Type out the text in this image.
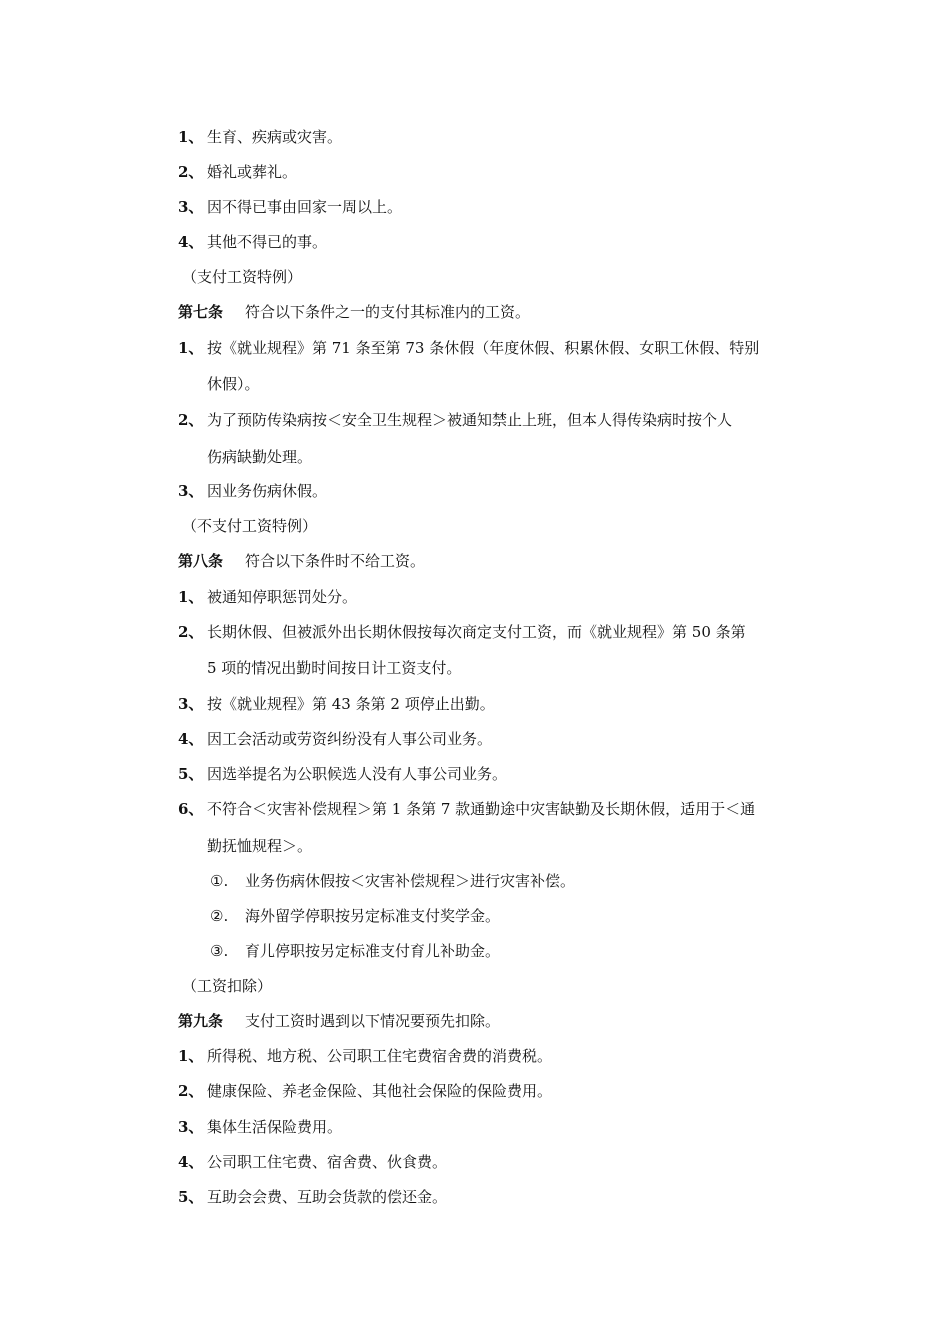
1、 生育、疾病或灾害。
2、 婚礼或葬礼。
3、 因不得已事由回家一周以上。
4、 其他不得已的事。
（支付工资特例）
第七条 符合以下条件之一的支付其标准内的工资。
1、 按《就业规程》第 71 条至第 73 条休假（年度休假、积累休假、女职工休假、特别
休假）。
2、 为了预防传染病按＜安全卫生规程＞被通知禁止上班，但本人得传染病时按个人
伤病缺勤处理。
3、 因业务伤病休假。
（不支付工资特例）
第八条 符合以下条件时不给工资。
1、 被通知停职惩罚处分。
2、 长期休假、但被派外出长期休假按每次商定支付工资，而《就业规程》第 50 条第
5 项的情况出勤时间按日计工资支付。
3、 按《就业规程》第 43 条第 2 项停止出勤。
4、 因工会活动或劳资纠纷没有人事公司业务。
5、 因选举提名为公职候选人没有人事公司业务。
6、 不符合＜灾害补偿规程＞第 1 条第 7 款通勤途中灾害缺勤及长期休假，适用于＜通
勤抚恤规程＞。
①. 业务伤病休假按＜灾害补偿规程＞进行灾害补偿。
②. 海外留学停职按另定标准支付奖学金。
③. 育儿停职按另定标准支付育儿补助金。
（工资扣除）
第九条 支付工资时遇到以下情况要预先扣除。
1、 所得税、地方税、公司职工住宅费宿舍费的消费税。
2、 健康保险、养老金保险、其他社会保险的保险费用。
3、 集体生活保险费用。
4、 公司职工住宅费、宿舍费、伙食费。
5、 互助会会费、互助会货款的偿还金。
